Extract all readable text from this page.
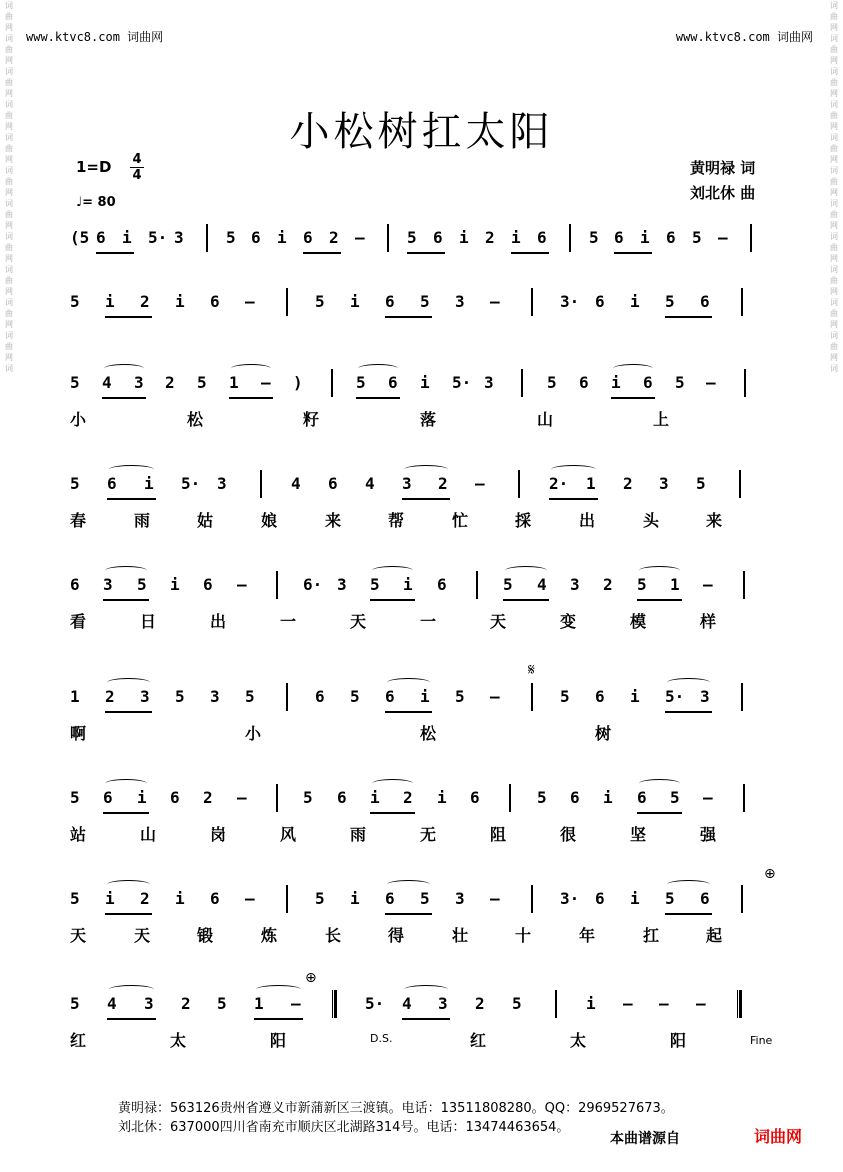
词
曲
网
词
曲
网
词
曲
网
词
曲
网
词
曲
网
词
曲
网
词
曲
网
词
曲
网
词
曲
网
词
曲
网
词
曲
网
词
词
曲
网
词
曲
网
词
曲
网
词
曲
网
词
曲
网
词
曲
网
词
曲
网
词
曲
网
词
曲
网
词
曲
网
词
曲
网
词
www.ktvc8.com 词曲网	www.ktvc8.com 词曲网
小松树扛太阳
1=D 4
4
♩= 80
黄明禄 词
刘北休 曲
(5 6 i 5· 3	5 6 i 6 2 —	5 6 i 2 i 6	5 6 i 6 5 —
5 i 2 i 6 —	5 i 6 5 3 —	3· 6 i 5 6
5 4 3 2 5 1 — )	5 6 i 5· 3	5 6 i 6 5 —
小	松	籽	落	山	上
5 6 i 5· 3	4 6 4 3 2 —	2· 1 2 3 5
春	雨	姑	娘	来	帮	忙	採	出	头	来
6 3 5 i 6 —	6· 3 5 i 6	5 4 3 2 5 1 —
看	日	出	一	天	一	天	变	模	样
1 2 3 5 3 5	6 5 6 i 5 —	5 6 i 5· 3
啊	小	松	树
5 6 i 6 2 —	5 6 i 2 i 6	5 6 i 6 5 —
站	山	岗	风	雨	无	阻	很	坚	强
5 i 2 i 6 —	5 i 6 5 3 —	3· 6 i 5 6
天	天	锻	炼	长	得	壮	十	年	扛	起
5 4 3 2 5 1 —	5· 4 3 2 5	i — — —
红	太	阳	D.S.	红	太	阳
𝄋
⊕
⊕
Fine
黄明禄：563126贵州省遵义市新蒲新区三渡镇。电话：13511808280。QQ：2969527673。
刘北休：637000四川省南充市顺庆区北湖路314号。电话：13474463654。
本曲谱源自	词曲网
